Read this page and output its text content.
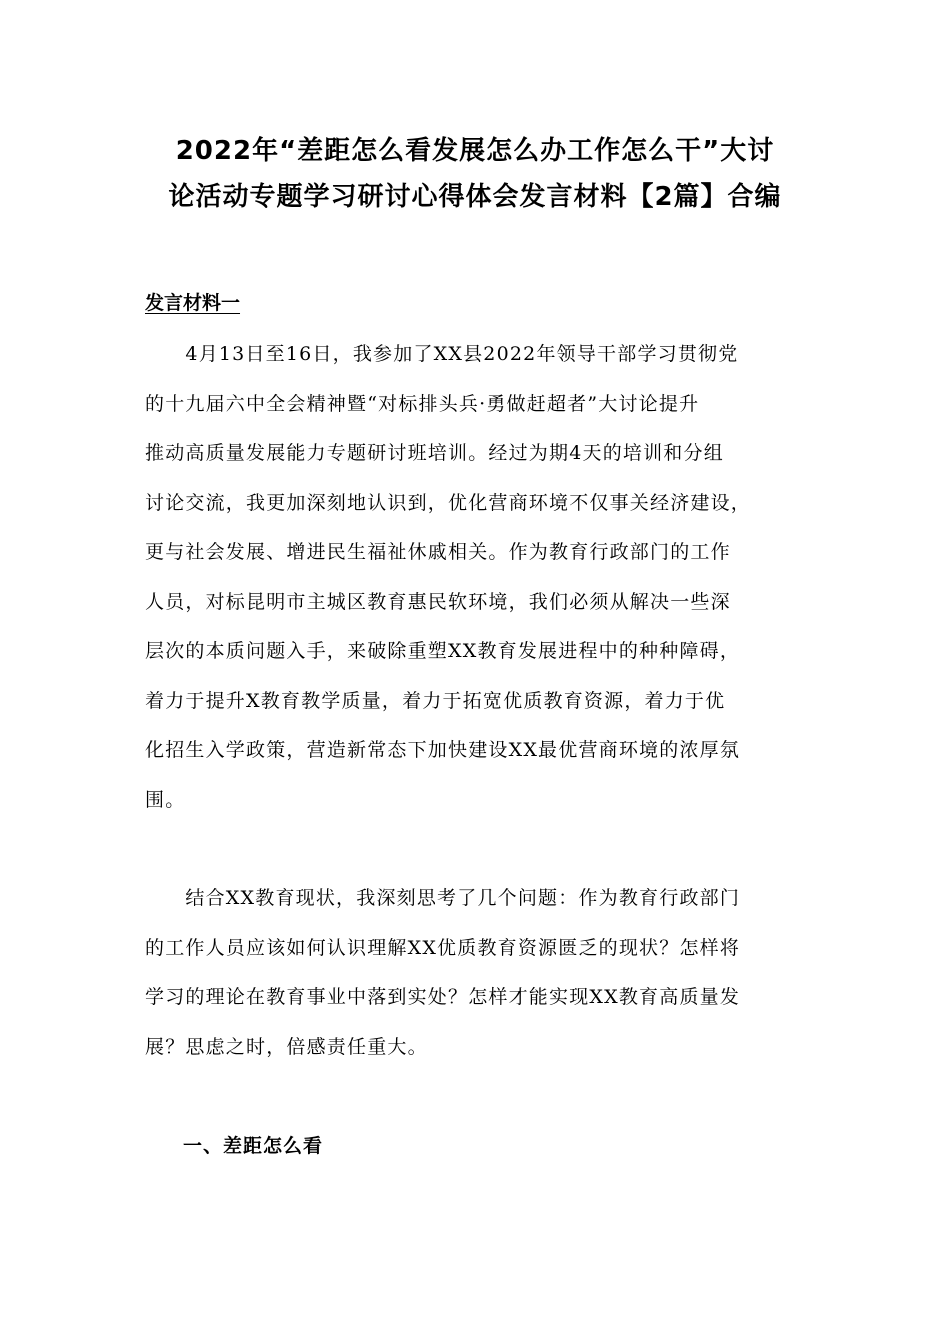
2022年“差距怎么看发展怎么办工作怎么干”大讨
论活动专题学习研讨心得体会发言材料【2篇】合编
发言材料一
　　4月13日至16日，我参加了XX县2022年领导干部学习贯彻党
的十九届六中全会精神暨“对标排头兵·勇做赶超者”大讨论提升
推动高质量发展能力专题研讨班培训。经过为期4天的培训和分组
讨论交流，我更加深刻地认识到，优化营商环境不仅事关经济建设，
更与社会发展、增进民生福祉休戚相关。作为教育行政部门的工作
人员，对标昆明市主城区教育惠民软环境，我们必须从解决一些深
层次的本质问题入手，来破除重塑XX教育发展进程中的种种障碍，
着力于提升X教育教学质量，着力于拓宽优质教育资源，着力于优
化招生入学政策，营造新常态下加快建设XX最优营商环境的浓厚氛
围。
　　结合XX教育现状，我深刻思考了几个问题：作为教育行政部门
的工作人员应该如何认识理解XX优质教育资源匮乏的现状？怎样将
学习的理论在教育事业中落到实处？怎样才能实现XX教育高质量发
展？思虑之时，倍感责任重大。
一、差距怎么看
